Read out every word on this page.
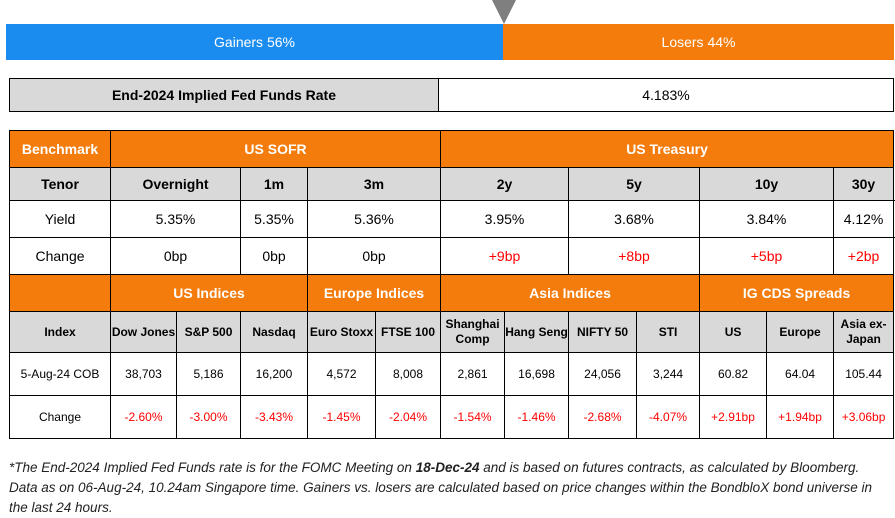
Gainers 56%	Losers 44%
End-2024 Implied Fed Funds Rate	4.183%
Benchmark	US SOFR					US Treasury						
Tenor	Overnight		1m	3m		2y		5y		10y		30y
Yield	5.35%		5.35%	5.36%		3.95%		3.68%		3.84%		4.12%
Change	0bp		0bp	0bp		+9bp		+8bp		+5bp		+2bp
	US Indices			Europe Indices		Asia Indices				IG CDS Spreads		
Index	Dow Jones	S&P 500	Nasdaq	Euro Stoxx	FTSE 100	Shanghai Comp	Hang Seng	NIFTY 50	STI	US	Europe	Asia ex-Japan
5-Aug-24 COB	38,703	5,186	16,200	4,572	8,008	2,861	16,698	24,056	3,244	60.82	64.04	105.44
Change	-2.60%	-3.00%	-3.43%	-1.45%	-2.04%	-1.54%	-1.46%	-2.68%	-4.07%	+2.91bp	+1.94bp	+3.06bp
*The End-2024 Implied Fed Funds rate is for the FOMC Meeting on 18-Dec-24 and is based on futures contracts, as calculated by Bloomberg. Data as on 06-Aug-24, 10.24am Singapore time. Gainers vs. losers are calculated based on price changes within the BondbloX bond universe in the last 24 hours.
